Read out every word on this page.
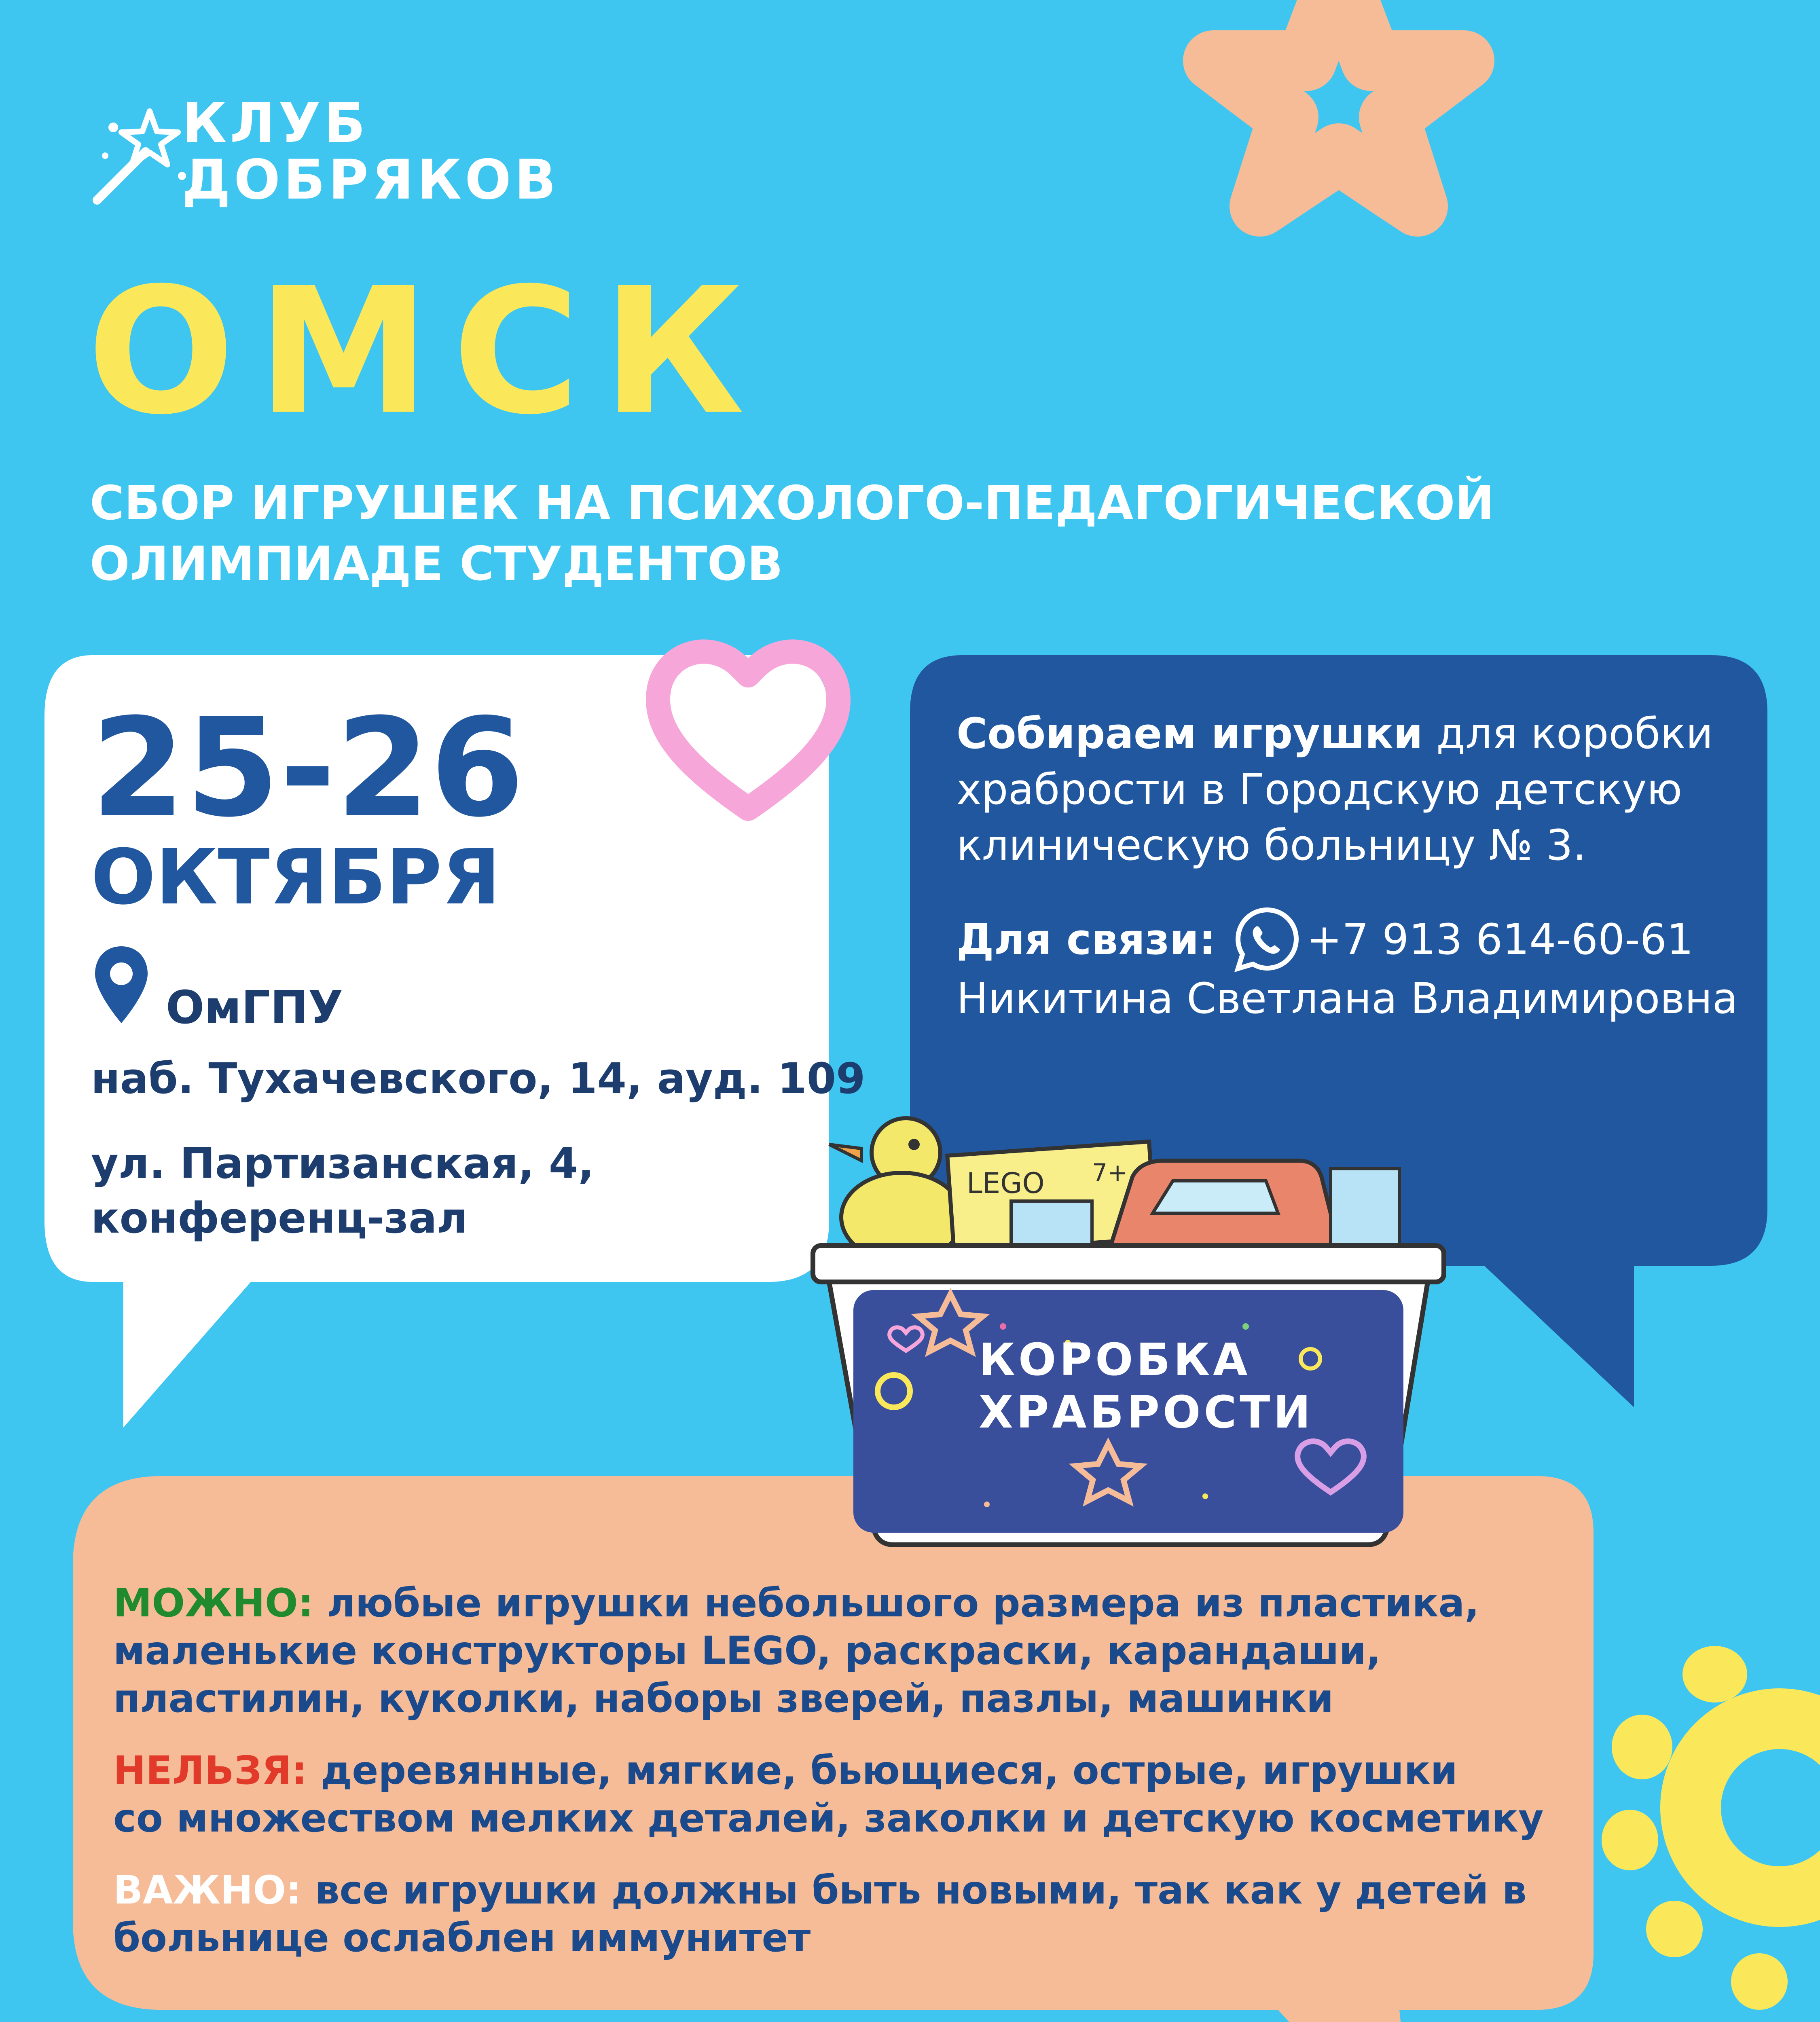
КЛУБ
ДОБРЯКОВ
ОМСК
СБОР ИГРУШЕК НА ПСИХОЛОГО-ПЕДАГОГИЧЕСКОЙ
ОЛИМПИАДЕ СТУДЕНТОВ
25-26
ОКТЯБРЯ
ОмГПУ
наб. Тухачевского, 14, ауд. 109
ул. Партизанская, 4,
конференц-зал
Собираем игрушки для коробки
храбрости в Городскую детскую
клиническую больницу № 3.
Для связи: +7 913 614-60-61
Никитина Светлана Владимировна
LEGO 7+
КОРОБКА
ХРАБРОСТИ
МОЖНО: любые игрушки небольшого размера из пластика,
маленькие конструкторы LEGO, раскраски, карандаши,
пластилин, куколки, наборы зверей, пазлы, машинки
НЕЛЬЗЯ: деревянные, мягкие, бьющиеся, острые, игрушки
со множеством мелких деталей, заколки и детскую косметику
ВАЖНО: все игрушки должны быть новыми, так как у детей в
больнице ослаблен иммунитет
